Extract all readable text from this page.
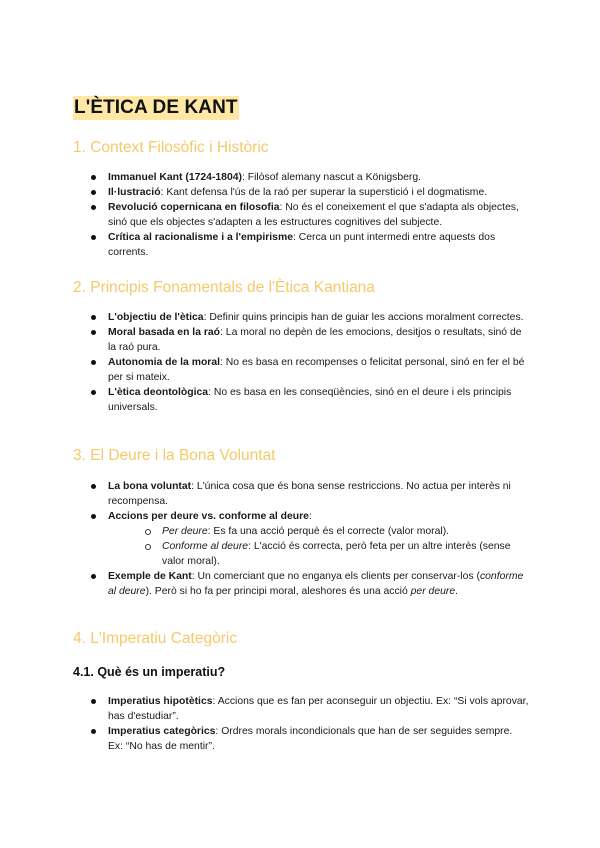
L'ÈTICA DE KANT
1. Context Filosòfic i Històric
Immanuel Kant (1724-1804): Filòsof alemany nascut a Königsberg.
Il·lustració: Kant defensa l'ús de la raó per superar la superstició i el dogmatisme.
Revolució copernicana en filosofia: No és el coneixement el que s'adapta als objectes, sinó que els objectes s'adapten a les estructures cognitives del subjecte.
Crítica al racionalisme i a l'empirisme: Cerca un punt intermedi entre aquests dos corrents.
2. Principis Fonamentals de l'Ètica Kantiana
L'objectiu de l'ètica: Definir quins principis han de guiar les accions moralment correctes.
Moral basada en la raó: La moral no depèn de les emocions, desitjos o resultats, sinó de la raó pura.
Autonomia de la moral: No es basa en recompenses o felicitat personal, sinó en fer el bé per si mateix.
L'ètica deontològica: No es basa en les conseqüències, sinó en el deure i els principis universals.
3. El Deure i la Bona Voluntat
La bona voluntat: L'única cosa que és bona sense restriccions. No actua per interès ni recompensa.
Accions per deure vs. conforme al deure:
Per deure: Es fa una acció perquè és el correcte (valor moral).
Conforme al deure: L'acció és correcta, però feta per un altre interès (sense valor moral).
Exemple de Kant: Un comerciant que no enganya els clients per conservar-los (conforme al deure). Però si ho fa per principi moral, aleshores és una acció per deure.
4. L'Imperatiu Categòric
4.1. Què és un imperatiu?
Imperatius hipotètics: Accions que es fan per aconseguir un objectiu. Ex: “Si vols aprovar, has d'estudiar”.
Imperatius categòrics: Ordres morals incondicionals que han de ser seguides sempre. Ex: “No has de mentir”.
